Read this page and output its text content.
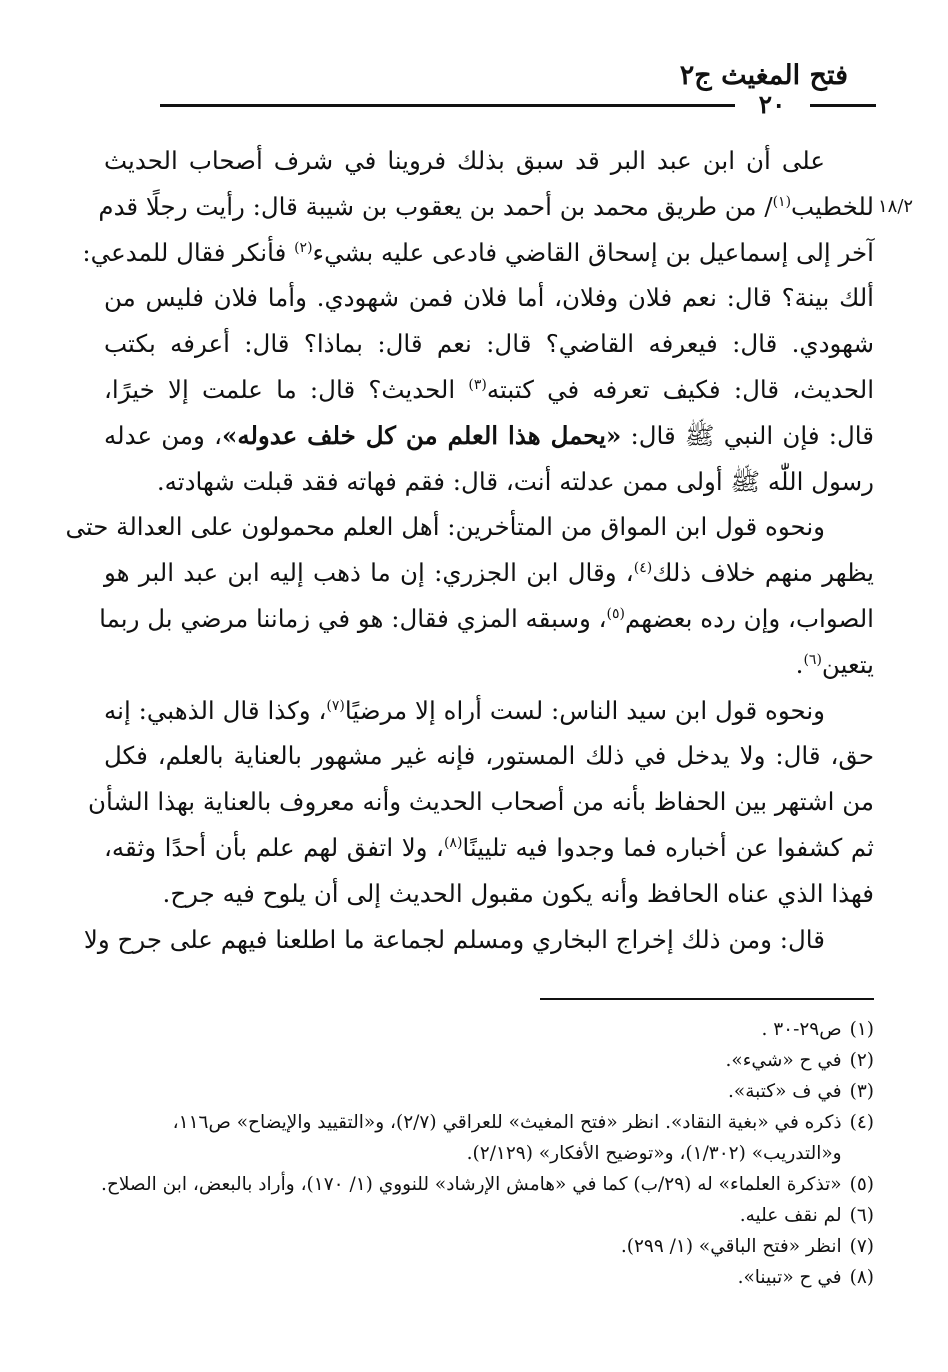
فتح المغيث ج٢
٢٠
١٨/٢
  على أن ابن عبد البر قد سبق بذلك فروينا في شرف أصحاب الحديث
للخطيب$^{(١)}$/ من طريق محمد بن أحمد بن يعقوب بن شيبة قال: رأيت رجلًا قدم
آخر إلى إسماعيل بن إسحاق القاضي فادعى عليه بشيء$^{(٢)}$ فأنكر فقال للمدعي:
ألك بينة؟ قال: نعم فلان وفلان، أما فلان فمن شهودي. وأما فلان فليس من
شهودي. قال: فيعرفه القاضي؟ قال: نعم قال: بماذا؟ قال: أعرفه بكتب
الحديث، قال: فكيف تعرفه في كتبته$^{(٣)}$ الحديث؟ قال: ما علمت إلا خيرًا،
قال: فإن النبي ﷺ قال: «يحمل هذا العلم من كل خلف عدوله»، ومن عدله
رسول اللّٰه ﷺ أولى ممن عدلته أنت، قال: فقم فهاته فقد قبلت شهادته.
  ونحوه قول ابن المواق من المتأخرين: أهل العلم محمولون على العدالة حتى
يظهر منهم خلاف ذلك$^{(٤)}$، وقال ابن الجزري: إن ما ذهب إليه ابن عبد البر هو
الصواب، وإن رده بعضهم$^{(٥)}$، وسبقه المزي فقال: هو في زماننا مرضي بل ربما
يتعين$^{(٦)}$.
  ونحوه قول ابن سيد الناس: لست أراه إلا مرضيًا$^{(٧)}$، وكذا قال الذهبي: إنه
حق، قال: ولا يدخل في ذلك المستور، فإنه غير مشهور بالعناية بالعلم، فكل
من اشتهر بين الحفاظ بأنه من أصحاب الحديث وأنه معروف بالعناية بهذا الشأن
ثم كشفوا عن أخباره فما وجدوا فيه تليينًا$^{(٨)}$، ولا اتفق لهم علم بأن أحدًا وثقه،
فهذا الذي عناه الحافظ وأنه يكون مقبول الحديث إلى أن يلوح فيه جرح.
  قال: ومن ذلك إخراج البخاري ومسلم لجماعة ما اطلعنا فيهم على جرح ولا
(١)
ص٢٩-٣٠ .
(٢)
في ح «شيء».
(٣)
في ف «كتبة».
(٤)
ذكره في «بغية النقاد». انظر «فتح المغيث» للعراقي (٢/٧)، و«التقييد والإيضاح» ص١١٦، و«التدريب» (١/٣٠٢)، و«توضيح الأفكار» (٢/١٢٩).
(٥)
«تذكرة العلماء» له (٢٩/ب) كما في «هامش الإرشاد» للنووي (١/ ١٧٠)، وأراد بالبعض، ابن الصلاح.
(٦)
لم نقف عليه.
(٧)
انظر «فتح الباقي» (١/ ٢٩٩).
(٨)
في ح «تبينا».
